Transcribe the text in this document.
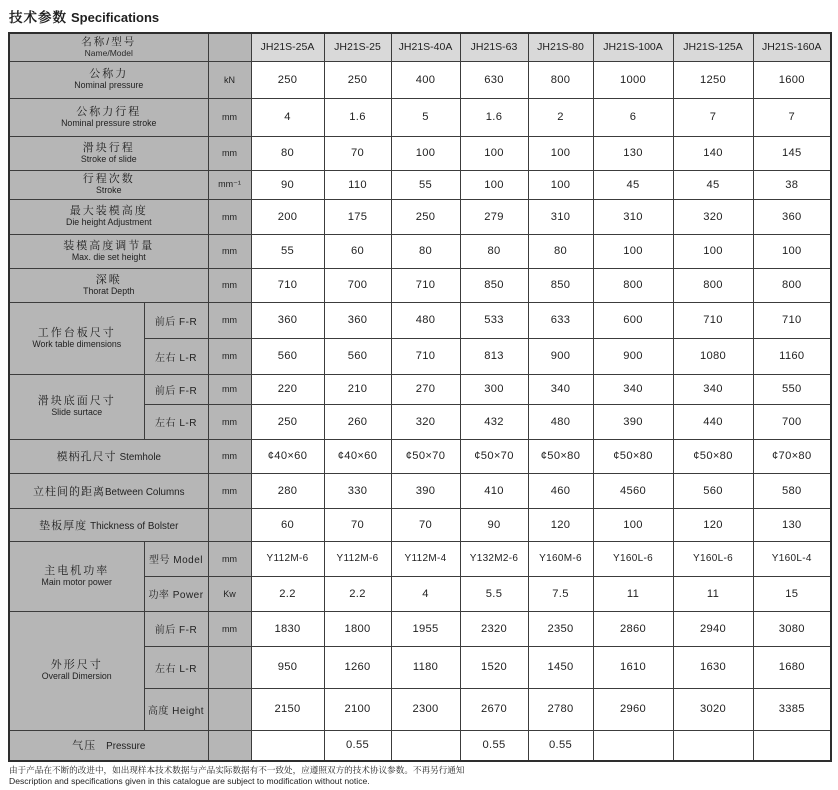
技术参数 Specifications
名称/型号
Name/Model			JH21S-25A	JH21S-25	JH21S-40A	JH21S-63	JH21S-80	JH21S-100A	JH21S-125A	JH21S-160A

公称力
Nominal pressure		kN	250	250	400	630	800	1000	1250	1600

公称力行程
Nominal pressure stroke		mm	4	1.6	5	1.6	2	6	7	7

滑块行程
Stroke of slide		mm	80	70	100	100	100	130	140	145

行程次数
Stroke		mm⁻¹	90	110	55	100	100	45	45	38

最大装模高度
Die height Adjustment		mm	200	175	250	279	310	310	320	360

装模高度调节量
Max. die set height		mm	55	60	80	80	80	100	100	100

深喉
Thorat Depth		mm	710	700	710	850	850	800	800	800

工作台板尺寸
Work table dimensions	前后 F-R	mm	360	360	480	533	633	600	710	710
	左右 L-R	mm	560	560	710	813	900	900	1080	1160

滑块底面尺寸
Slide surtace	前后 F-R	mm	220	210	270	300	340	340	340	550
	左右 L-R	mm	250	260	320	432	480	390	440	700
模柄孔尺寸 Stemhole		mm	¢40×60	¢40×60	¢50×70	¢50×70	¢50×80	¢50×80	¢50×80	¢70×80
立柱间的距离Between Columns		mm	280	330	390	410	460	4560	560	580
垫板厚度 Thickness of Bolster			60	70	70	90	120	100	120	130

主电机功率
Main motor power	型号 Model	mm	Y112M-6	Y112M-6	Y112M-4	Y132M2-6	Y160M-6	Y160L-6	Y160L-6	Y160L-4
	功率 Power	Kw	2.2	2.2	4	5.5	7.5	11	11	15

外形尺寸
Overall Dimersion	前后 F-R	mm	1830	1800	1955	2320	2350	2860	2940	3080
	左右 L-R		950	1260	1180	1520	1450	1610	1630	1680
	高度 Height		2150	2100	2300	2670	2780	2960	3020	3385
气压 Pressure				0.55		0.55	0.55			
由于产品在不断的改进中，如出现样本技术数据与产品实际数据有不一致处，应遵照双方的技术协议参数。不再另行通知
Description and specifications given in this catalogue are subject to modification without notice.
